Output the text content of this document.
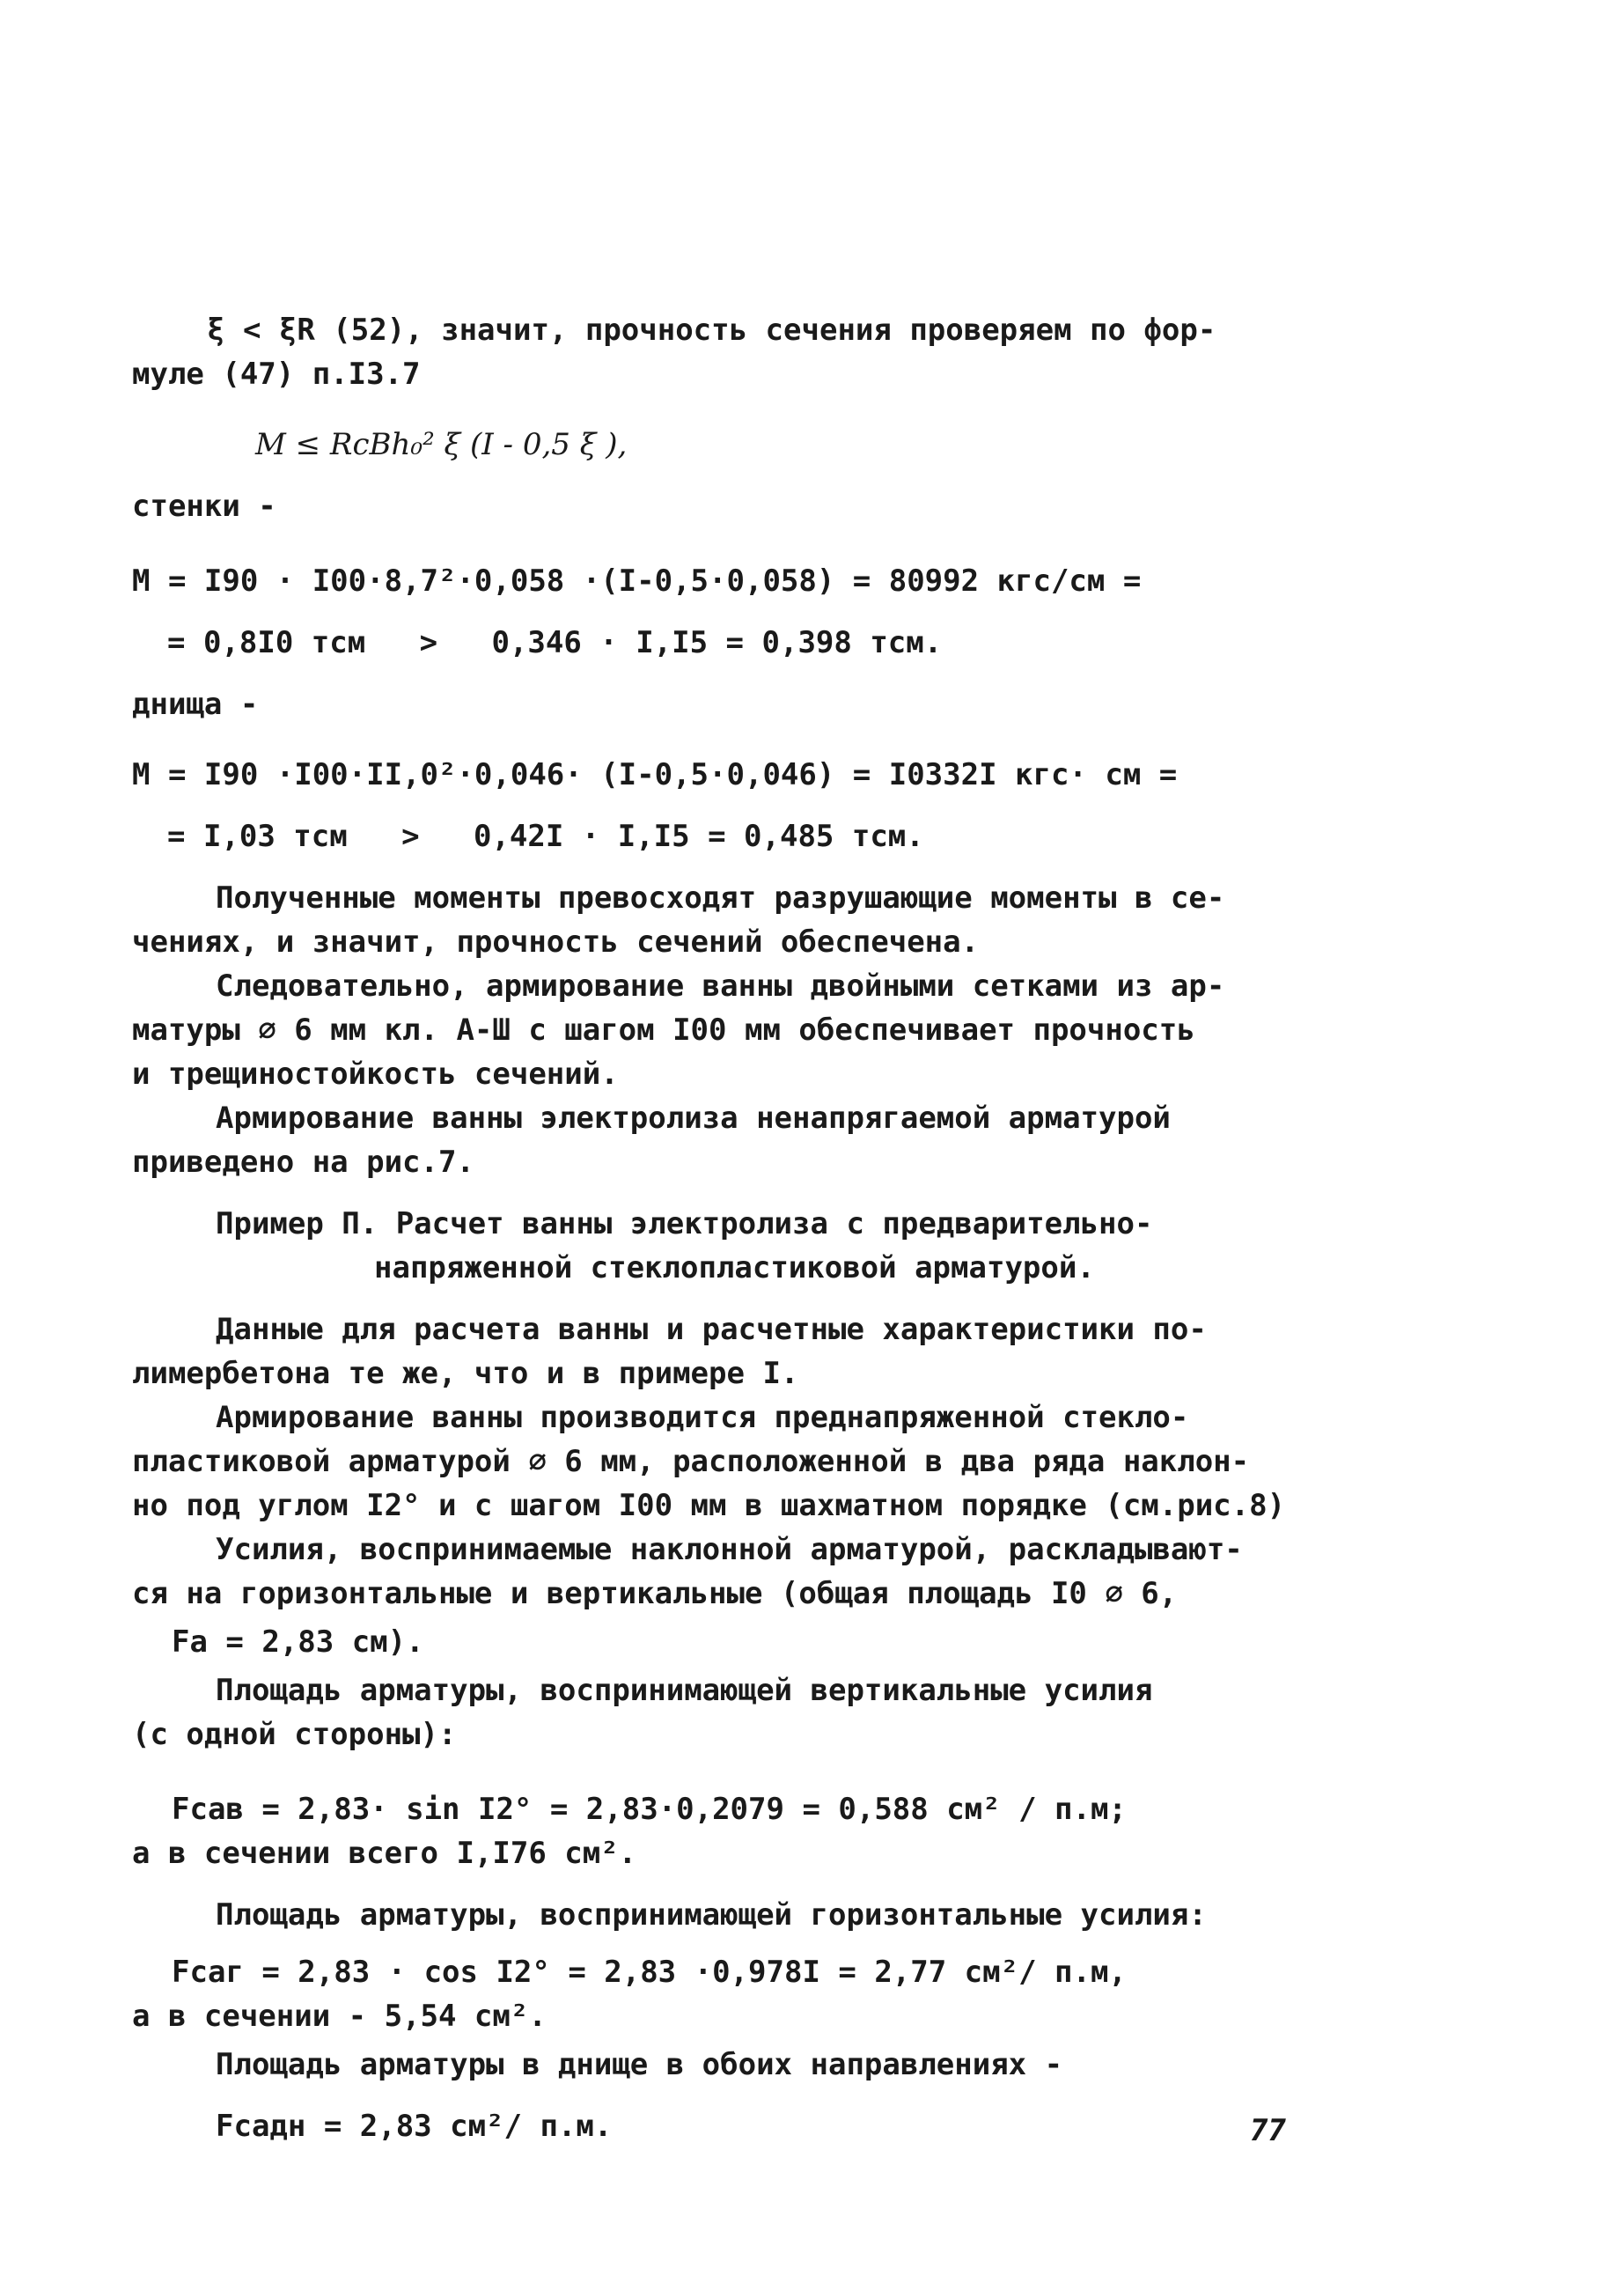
ξ < ξR (52), значит, прочность сечения проверяем по фор-
муле (47) п.I3.7
M ≤ RcBh₀² ξ (I - 0,5 ξ ),
стенки -
M = I90 · I00·8,7²·0,058 ·(I-0,5·0,058) = 80992 кгс/см =
= 0,8I0 тсм   >   0,346 · I,I5 = 0,398 тсм.
днища -
M = I90 ·I00·II,0²·0,046· (I-0,5·0,046) = I0332I кгс· см =
= I,03 тсм   >   0,42I · I,I5 = 0,485 тсм.
Полученные моменты превосходят разрушающие моменты в се-
чениях, и значит, прочность сечений обеспечена.
Следовательно, армирование ванны двойными сетками из ар-
матуры ∅ 6 мм кл. А-Ш с шагом I00 мм обеспечивает прочность
и трещиностойкость сечений.
Армирование ванны электролиза ненапрягаемой арматурой
приведено на рис.7.
Пример П. Расчет ванны электролиза с предварительно-
напряженной стеклопластиковой арматурой.
Данные для расчета ванны и расчетные характеристики по-
лимербетона те же, что и в примере I.
Армирование ванны производится преднапряженной стекло-
пластиковой арматурой ∅ 6 мм, расположенной в два ряда наклон-
но под углом I2° и с шагом I00 мм в шахматном порядке (см.рис.8)
Усилия, воспринимаемые наклонной арматурой, раскладывают-
ся на горизонтальные и вертикальные (общая площадь I0 ∅ 6,
Fa = 2,83 см).
Площадь арматуры, воспринимающей вертикальные усилия
(с одной стороны):
Fcaв = 2,83· sin I2° = 2,83·0,2079 = 0,588 см² / п.м;
а в сечении всего I,I76 см².
Площадь арматуры, воспринимающей горизонтальные усилия:
Fcaг = 2,83 · cos I2° = 2,83 ·0,978I = 2,77 см²/ п.м,
а в сечении - 5,54 см².
Площадь арматуры в днище в обоих направлениях -
Fcaдн = 2,83 см²/ п.м.	77
